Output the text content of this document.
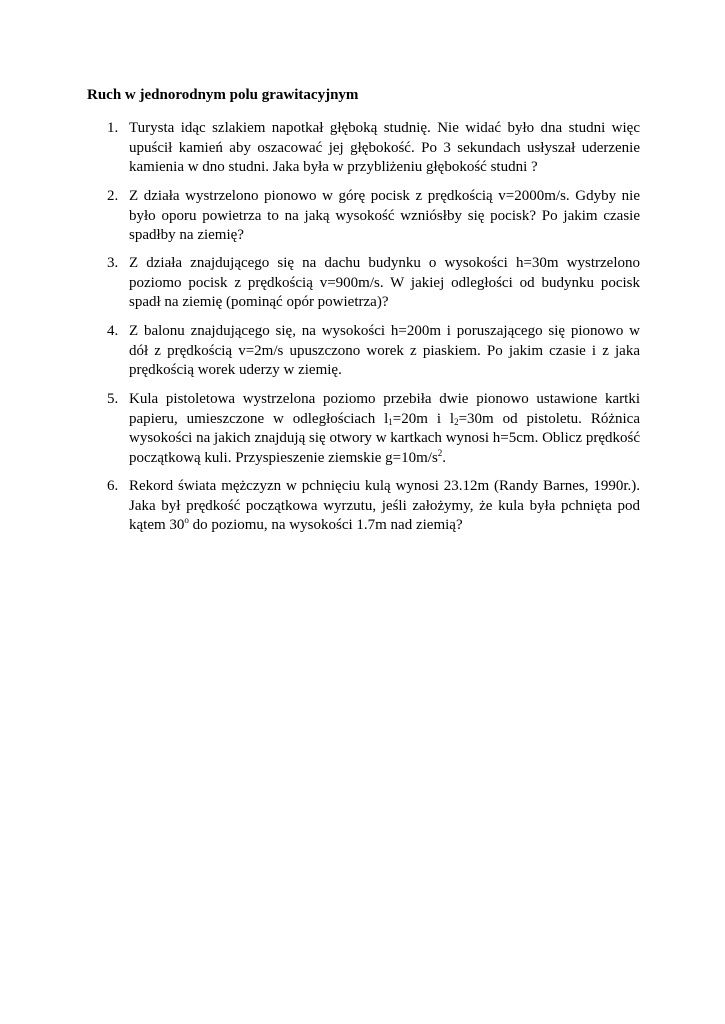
Ruch w jednorodnym polu grawitacyjnym
1. Turysta idąc szlakiem napotkał głęboką studnię. Nie widać było dna studni więc upuścił kamień aby oszacować jej głębokość. Po 3 sekundach usłyszał uderzenie kamienia w dno studni. Jaka była w przybliżeniu głębokość studni ?
2. Z działa wystrzelono pionowo w górę pocisk z prędkością v=2000m/s. Gdyby nie było oporu powietrza to na jaką wysokość wzniósłby się pocisk? Po jakim czasie spadłby na ziemię?
3. Z działa znajdującego się na dachu budynku o wysokości h=30m wystrzelono poziomo pocisk z prędkością v=900m/s. W jakiej odległości od budynku pocisk spadł na ziemię (pominąć opór powietrza)?
4. Z balonu znajdującego się, na wysokości h=200m i poruszającego się pionowo w dół z prędkością v=2m/s upuszczono worek z piaskiem. Po jakim czasie i z jaka prędkością worek uderzy w ziemię.
5. Kula pistoletowa wystrzelona poziomo przebiła dwie pionowo ustawione kartki papieru, umieszczone w odległościach $l_1=20m$ i $l_2=30m$ od pistoletu. Różnica wysokości na jakich znajdują się otwory w kartkach wynosi h=5cm. Oblicz prędkość początkową kuli. Przyspieszenie ziemskie $g=10m/s^2$.
6. Rekord świata mężczyzn w pchnięciu kulą wynosi 23.12m (Randy Barnes, 1990r.). Jaka był prędkość początkowa wyrzutu, jeśli założymy, że kula była pchnięta pod kątem 30$^o$ do poziomu, na wysokości 1.7m nad ziemią?
